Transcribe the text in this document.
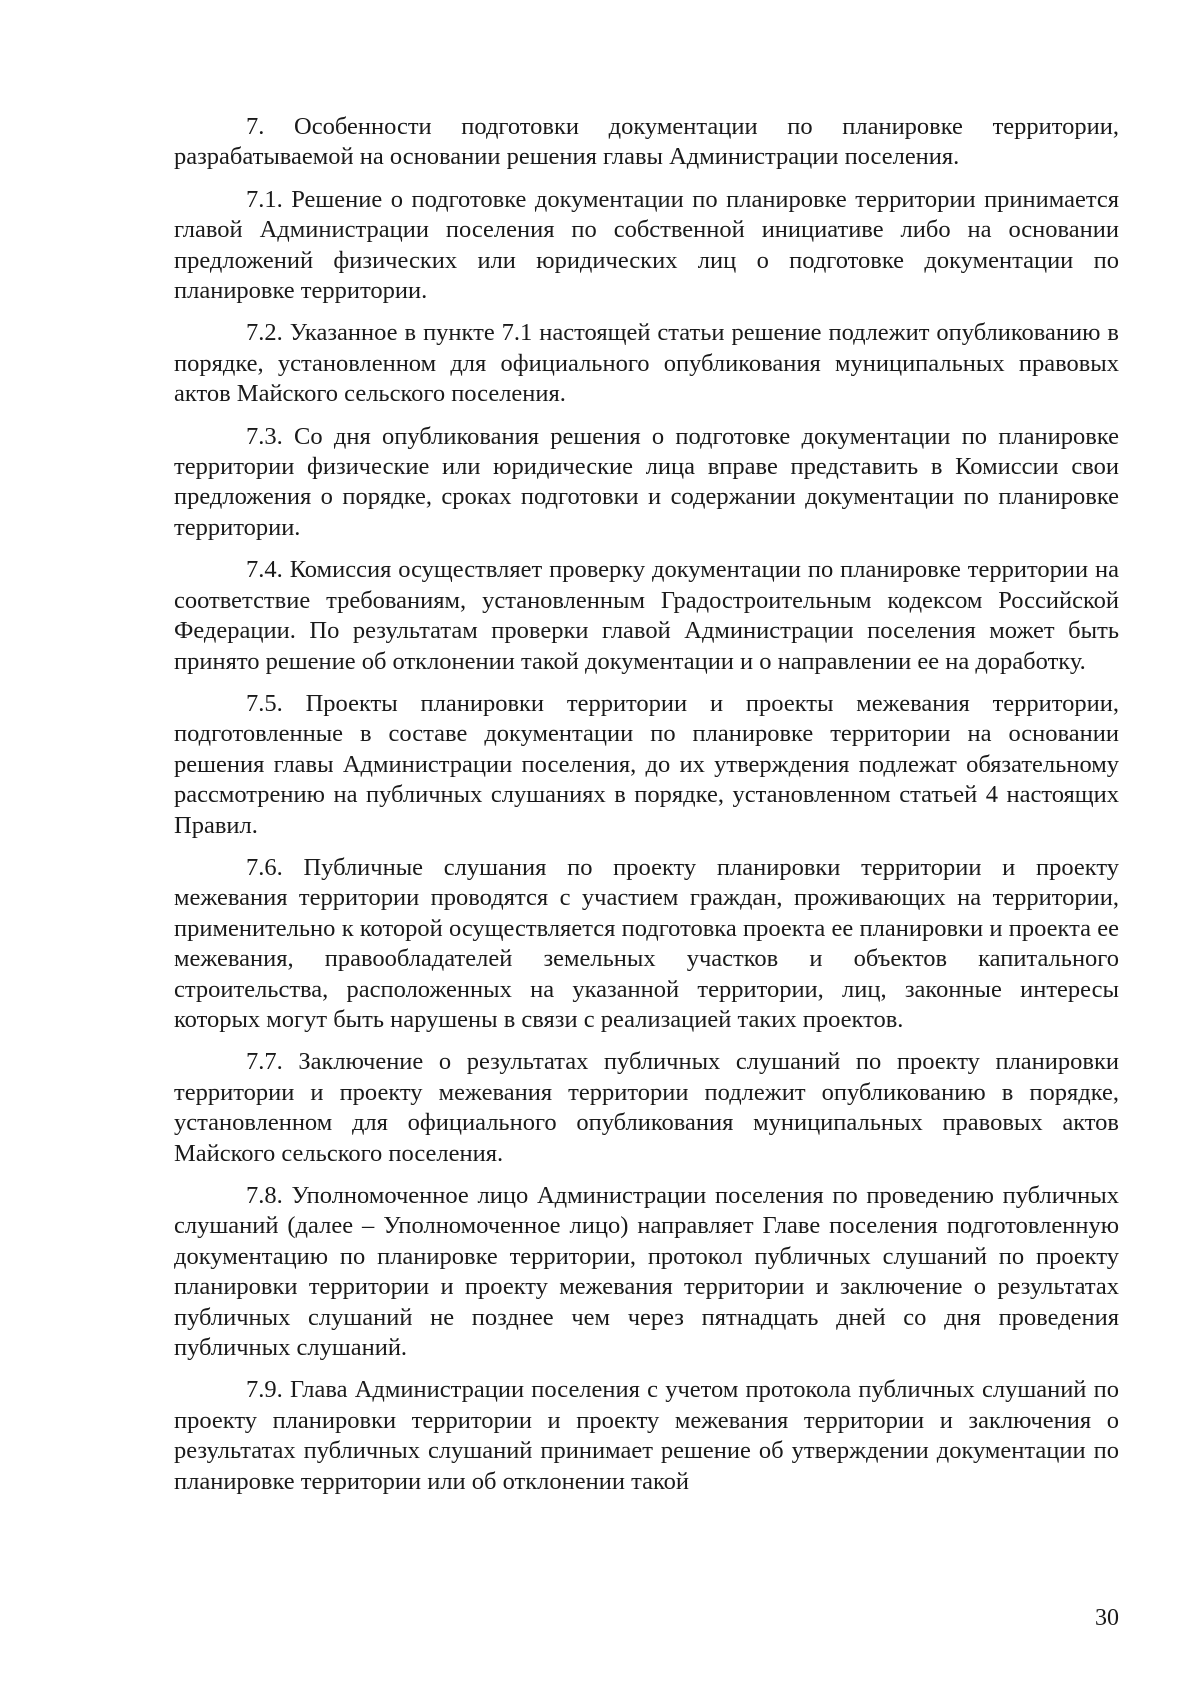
7. Особенности подготовки документации по планировке территории, разрабатываемой на основании решения главы Администрации поселения.

7.1. Решение о подготовке документации по планировке территории принимается главой Администрации поселения по собственной инициативе либо на основании предложений физических или юридических лиц о подготовке документации по планировке территории.

7.2. Указанное в пункте 7.1 настоящей статьи решение подлежит опубликованию в порядке, установленном для официального опубликования муниципальных правовых актов Майского сельского поселения.

7.3. Со дня опубликования решения о подготовке документации по планировке территории физические или юридические лица вправе представить в Комиссии свои предложения о порядке, сроках подготовки и содержании документации по планировке территории.

7.4. Комиссия осуществляет проверку документации по планировке территории на соответствие требованиям, установленным Градостроительным кодексом Российской Федерации. По результатам проверки главой Администрации поселения может быть принято решение об отклонении такой документации и о направлении ее на доработку.

7.5. Проекты планировки территории и проекты межевания территории, подготовленные в составе документации по планировке территории на основании решения главы Администрации поселения, до их утверждения подлежат обязательному рассмотрению на публичных слушаниях в порядке, установленном статьей 4 настоящих Правил.

7.6. Публичные слушания по проекту планировки территории и проекту межевания территории проводятся с участием граждан, проживающих на территории, применительно к которой осуществляется подготовка проекта ее планировки и проекта ее межевания, правообладателей земельных участков и объектов капитального строительства, расположенных на указанной территории, лиц, законные интересы которых могут быть нарушены в связи с реализацией таких проектов.

7.7. Заключение о результатах публичных слушаний по проекту планировки территории и проекту межевания территории подлежит опубликованию в порядке, установленном для официального опубликования муниципальных правовых актов Майского сельского поселения.

7.8. Уполномоченное лицо Администрации поселения по проведению публичных слушаний (далее – Уполномоченное лицо) направляет Главе поселения подготовленную документацию по планировке территории, протокол публичных слушаний по проекту планировки территории и проекту межевания территории и заключение о результатах публичных слушаний не позднее чем через пятнадцать дней со дня проведения публичных слушаний.

7.9. Глава Администрации поселения с учетом протокола публичных слушаний по проекту планировки территории и проекту межевания территории и заключения о результатах публичных слушаний принимает решение об утверждении документации по планировке территории или об отклонении такой

30
